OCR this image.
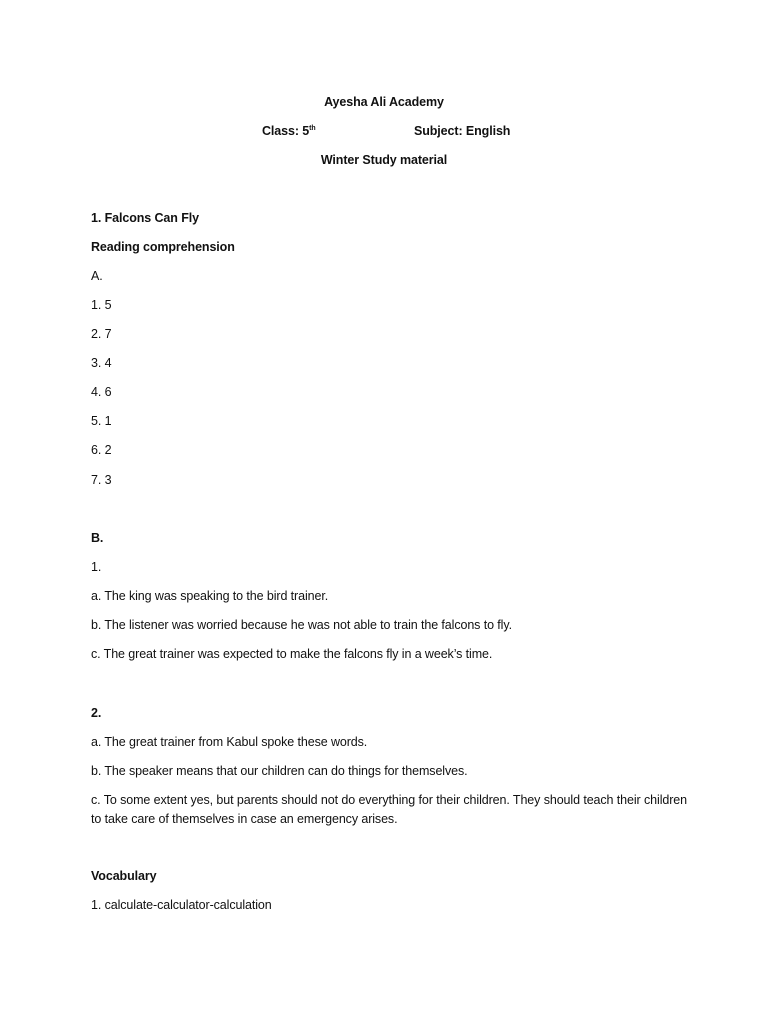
Ayesha Ali Academy
Class: 5th	Subject: English
Winter Study material
1. Falcons Can Fly
Reading comprehension
A.
1. 5
2. 7
3. 4
4. 6
5. 1
6. 2
7. 3
B.
1.
a. The king was speaking to the bird trainer.
b. The listener was worried because he was not able to train the falcons to fly.
c. The great trainer was expected to make the falcons fly in a week’s time.
2.
a. The great trainer from Kabul spoke these words.
b. The speaker means that our children can do things for themselves.
c. To some extent yes, but parents should not do everything for their children. They should teach their children to take care of themselves in case an emergency arises.
Vocabulary
1. calculate-calculator-calculation
